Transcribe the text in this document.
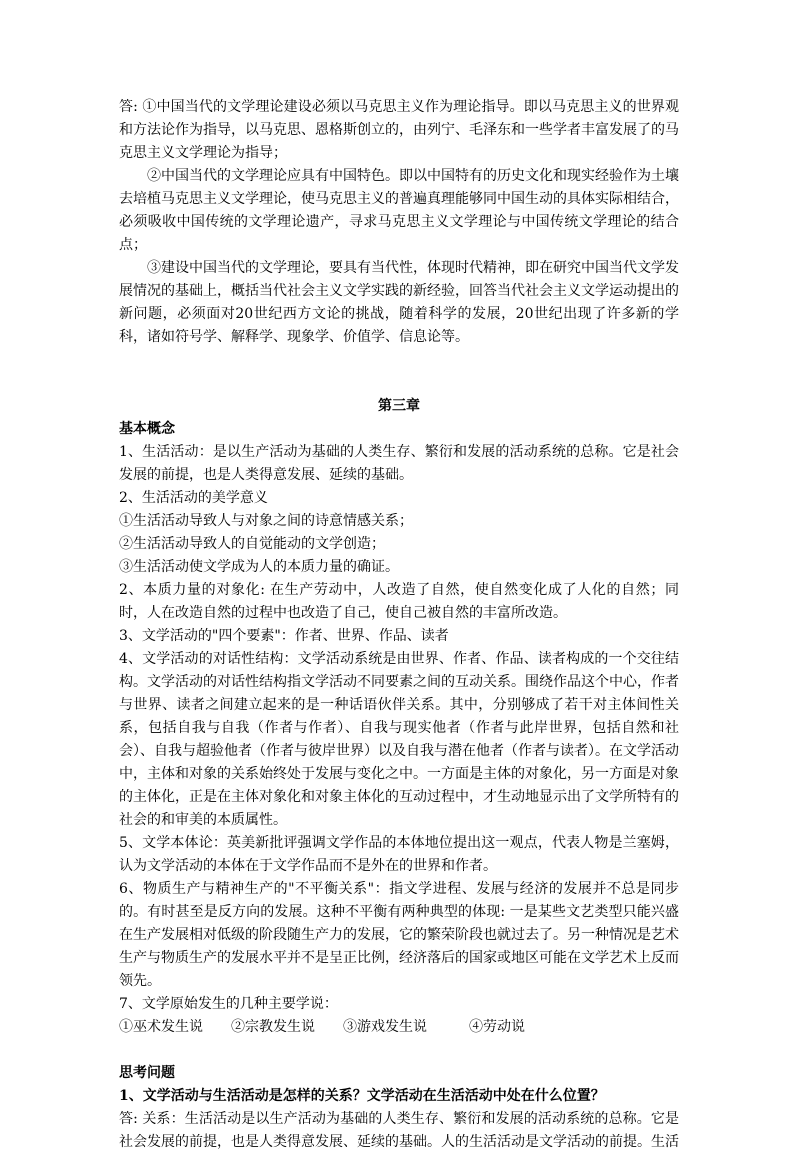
答: ①中国当代的文学理论建设必须以马克思主义作为理论指导。即以马克思主义的世界观和方法论作为指导，以马克思、恩格斯创立的，由列宁、毛泽东和一些学者丰富发展了的马克思主义文学理论为指导；

②中国当代的文学理论应具有中国特色。即以中国特有的历史文化和现实经验作为土壤去培植马克思主义文学理论，使马克思主义的普遍真理能够同中国生动的具体实际相结合，必须吸收中国传统的文学理论遗产，寻求马克思主义文学理论与中国传统文学理论的结合点；

③建设中国当代的文学理论，要具有当代性，体现时代精神，即在研究中国当代文学发展情况的基础上，概括当代社会主义文学实践的新经验，回答当代社会主义文学运动提出的新问题，必须面对20世纪西方文论的挑战，随着科学的发展，20世纪出现了许多新的学科，诸如符号学、解释学、现象学、价值学、信息论等。

第三章

基本概念

1、生活活动：是以生产活动为基础的人类生存、繁衍和发展的活动系统的总称。它是社会发展的前提，也是人类得意发展、延续的基础。

2、生活活动的美学意义

①生活活动导致人与对象之间的诗意情感关系；

②生活活动导致人的自觉能动的文学创造；

③生活活动使文学成为人的本质力量的确证。

2、本质力量的对象化: 在生产劳动中，人改造了自然，使自然变化成了人化的自然；同时，人在改造自然的过程中也改造了自己，使自己被自然的丰富所改造。

3、文学活动的"四个要素"：作者、世界、作品、读者

4、文学活动的对话性结构：文学活动系统是由世界、作者、作品、读者构成的一个交往结构。文学活动的对话性结构指文学活动不同要素之间的互动关系。围绕作品这个中心，作者与世界、读者之间建立起来的是一种话语伙伴关系。其中，分别够成了若干对主体间性关系，包括自我与自我（作者与作者）、自我与现实他者（作者与此岸世界，包括自然和社会）、自我与超验他者（作者与彼岸世界）以及自我与潜在他者（作者与读者）。在文学活动中，主体和对象的关系始终处于发展与变化之中。一方面是主体的对象化，另一方面是对象的主体化，正是在主体对象化和对象主体化的互动过程中，才生动地显示出了文学所特有的社会的和审美的本质属性。

5、文学本体论：英美新批评强调文学作品的本体地位提出这一观点，代表人物是兰塞姆，认为文学活动的本体在于文学作品而不是外在的世界和作者。

6、物质生产与精神生产的"不平衡关系"：指文学进程、发展与经济的发展并不总是同步的。有时甚至是反方向的发展。这种不平衡有两种典型的体现: 一是某些文艺类型只能兴盛在生产发展相对低级的阶段随生产力的发展，它的繁荣阶段也就过去了。另一种情况是艺术生产与物质生产的发展水平并不是呈正比例，经济落后的国家或地区可能在文学艺术上反而领先。

7、文学原始发生的几种主要学说：

①巫术发生说	②宗教发生说	③游戏发生说	④劳动说

思考问题

1、文学活动与生活活动是怎样的关系？文学活动在生活活动中处在什么位置？

答: 关系：生活活动是以生产活动为基础的人类生存、繁衍和发展的活动系统的总称。它是社会发展的前提，也是人类得意发展、延续的基础。人的生活活动是文学活动的前提。生活
